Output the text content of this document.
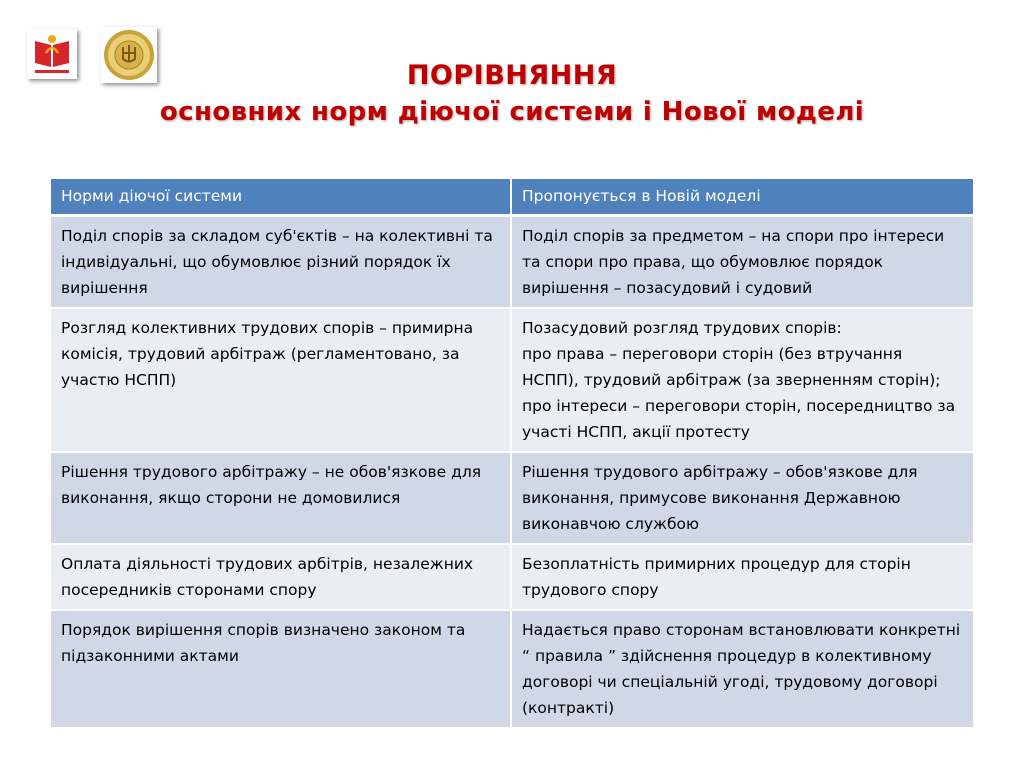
ПОРІВНЯННЯ
основних норм діючої системи і Нової моделі
Норми діючої системи	Пропонується в Новій моделі
Поділ спорів за складом суб'єктів – на колективні та індивідуальні, що обумовлює різний порядок їх вирішення	Поділ спорів за предметом – на спори про інтереси та спори про права, що обумовлює порядок вирішення – позасудовий і судовий
Розгляд колективних трудових спорів – примирна комісія, трудовий арбітраж (регламентовано, за участю НСПП)	Позасудовий розгляд трудових спорів:
про права – переговори сторін (без втручання НСПП), трудовий арбітраж (за зверненням сторін);
про інтереси – переговори сторін, посередництво за участі НСПП, акції протесту
Рішення трудового арбітражу – не обов'язкове для виконання, якщо сторони не домовилися	Рішення трудового арбітражу – обов'язкове для виконання, примусове виконання Державною виконавчою службою
Оплата діяльності трудових арбітрів, незалежних посередників сторонами спору	Безоплатність примирних процедур для сторін трудового спору
Порядок вирішення спорів визначено законом та підзаконними актами	Надається право сторонам встановлювати конкретні “ правила ” здійснення процедур в колективному договорі чи спеціальній угоді, трудовому договорі (контракті)
